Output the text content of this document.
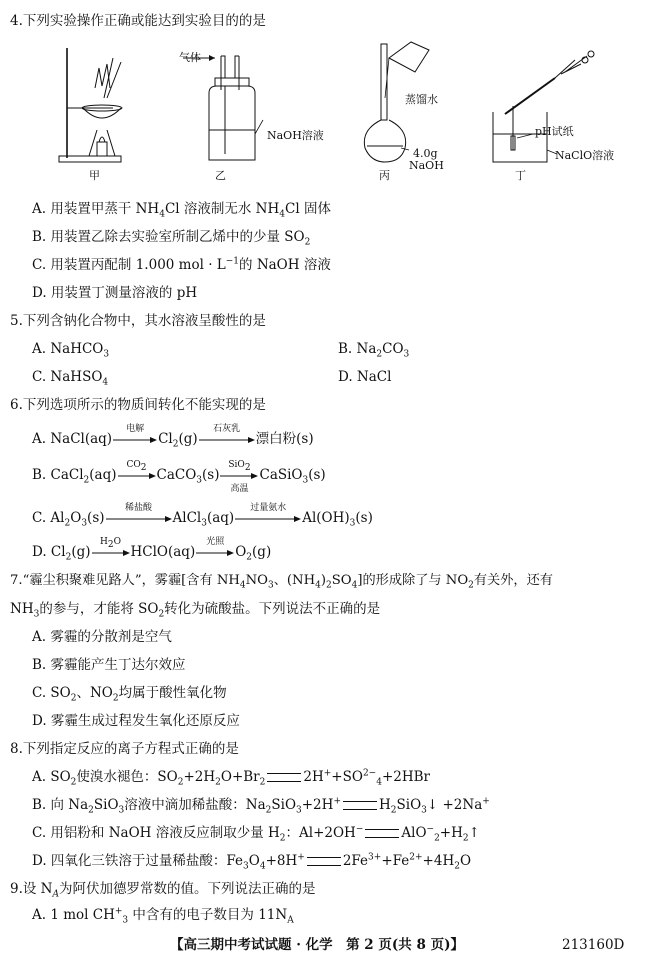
4.下列实验操作正确或能达到实验目的的是
甲
气体
NaOH溶液
乙
蒸馏水
4.0g
NaOH
丙
pH试纸
NaClO溶液
丁
A. 用装置甲蒸干 $NH_4Cl$ 溶液制无水 $NH_4Cl$ 固体
B. 用装置乙除去实验室所制乙烯中的少量 $SO_2$
C. 用装置丙配制 1.000 mol · $L^{-1}$的 NaOH 溶液
D. 用装置丁测量溶液的 pH
5.下列含钠化合物中，其水溶液呈酸性的是
A. NaHCO$_3$	B. $Na_2CO_3$
C. NaHSO$_4$	D. NaCl
6.下列选项所示的物质间转化不能实现的是
A. NaCl(aq)
电解
$Cl_2(g)$
石灰乳
漂白粉(s)
B. CaCl$_2$(aq)
$CO_2$ CaCO$_3$(s)
SiO$_2$
高温
CaSiO$_3$(s)
C. $Al_2O_3(s)$
稀盐酸
AlCl$_3$(aq)
过量氨水
$Al(OH)_3(s)$
D. $Cl_2(g)$
$H_2O$
HClO(aq)
光照
$O_2(g)$
7.“霾尘积聚难见路人”，雾霾[含有 $NH_4NO_3$、$(NH_4)_2SO_4$]的形成除了与 $NO_2$有关外，还有
$NH_3$的参与，才能将 $SO_2$转化为硫酸盐。下列说法不正确的是
A. 雾霾的分散剂是空气
B. 雾霾能产生丁达尔效应
C. $SO_2$、$NO_2$均属于酸性氧化物
D. 雾霾生成过程发生氧化还原反应
8.下列指定反应的离子方程式正确的是
A. $SO_2$使溴水褪色：$SO_2+2H_2O+Br_2$	$2H^++SO^{2-}_4+2HBr$
B. 向 $Na_2SiO_3$溶液中滴加稀盐酸：$Na_2SiO_3+2H^+$	$H_2SiO_3↓ +2Na^+$
C. 用铝粉和 NaOH 溶液反应制取少量 $H_2$：Al+2OH−	$AlO^-_2+H_2↑$
D. 四氧化三铁溶于过量稀盐酸：$Fe_3O_4+8H^+$	$2Fe^{3+}+Fe^{2+}+4H_2O$
9.设 $N_A$为阿伏加德罗常数的值。下列说法正确的是
A. 1 mol $CH^+_3$ 中含有的电子数目为 $11N_A$
【高三期中考试试题 · 化学　第 2 页(共 8 页)】	213160D
